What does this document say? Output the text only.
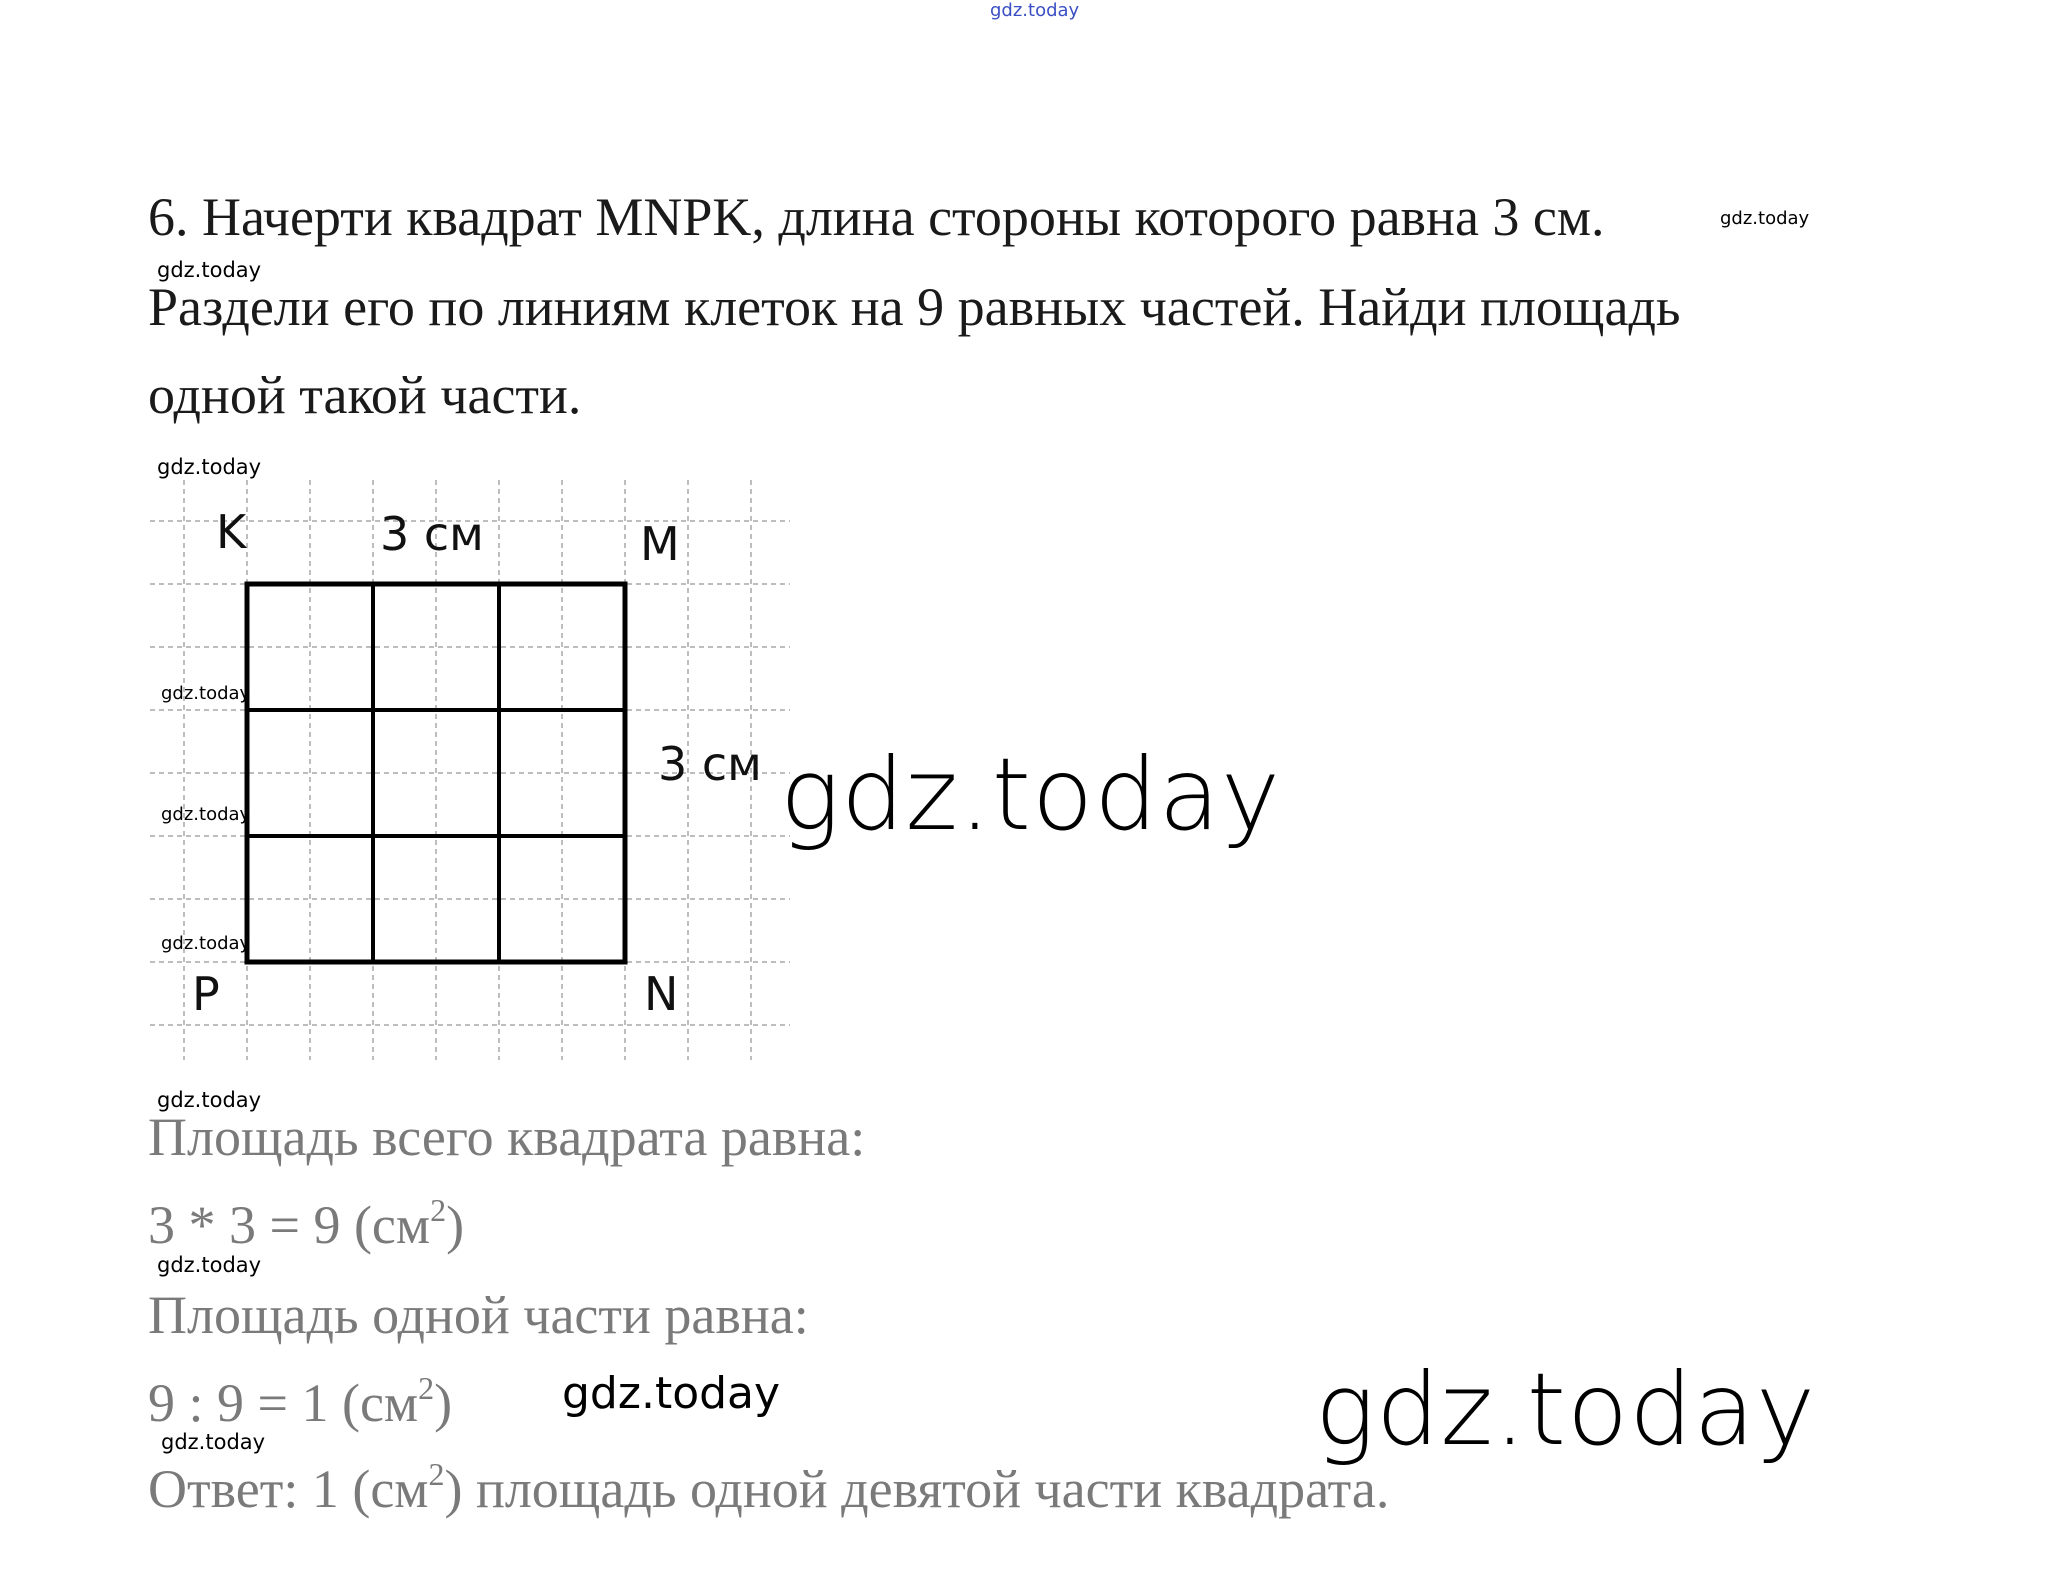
gdz.today
gdz.today
gdz.today
gdz.today
gdz.today
gdz.today
gdz.today
gdz.today
gdz.today
gdz.today
gdz.today
gdz.today
gdz.today
6. Начерти квадрат MNPK, длина стороны которого равна 3 см.
Раздели его по линиям клеток на 9 равных частей. Найди площадь
одной такой части.
K	M
P	N
3 см
3 см
Площадь всего квадрата равна:
3 * 3 = 9 $(см^2)$
Площадь одной части равна:
9 : 9 = 1 $(см^2)$
Ответ: 1 $(см^2)$ площадь одной девятой части квадрата.
